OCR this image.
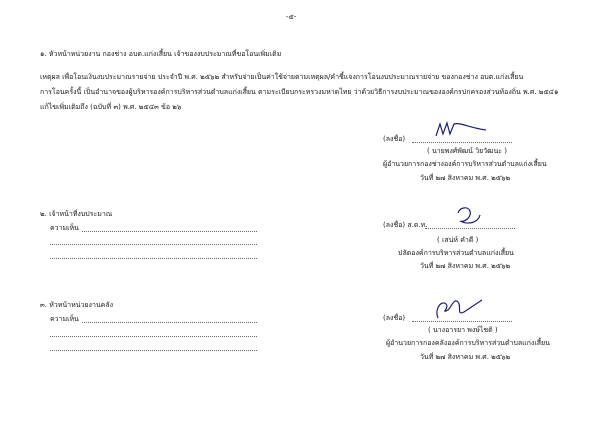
-๕-
๑. หัวหน้าหน่วยงาน กองช่าง อบต.แก่งเสี้ยน เจ้าของงบประมาณที่ขอโอนเพิ่มเติม
เหตุผล เพื่อโอนเงินงบประมาณรายจ่าย ประจำปี พ.ศ. ๒๕๖๒ สำหรับจ่ายเป็นค่าใช้จ่ายตามเหตุผล/คำชี้แจงการโอนงบประมาณรายจ่าย ของกองช่าง อบต.แก่งเสี้ยน
การโอนครั้งนี้ เป็นอำนาจของผู้บริหารองค์การบริหารส่วนตำบลแก่งเสี้ยน ตามระเบียบกระทรวงมหาดไทย ว่าด้วยวิธีการงบประมาณขององค์กรปกครองส่วนท้องถิ่น พ.ศ. ๒๕๔๑
แก้ไขเพิ่มเติมถึง (ฉบับที่ ๓) พ.ศ. ๒๕๔๓ ข้อ ๒๖
(ลงชื่อ)
( นายพงศ์พัฒน์ วิยวัฒนะ )
ผู้อำนวยการกองช่างองค์การบริหารส่วนตำบลแก่งเสี้ยน
วันที่ ๒๗ สิงหาคม พ.ศ. ๒๕๖๒
๒. เจ้าหน้าที่งบประมาณ
ความเห็น	(ลงชื่อ) ส.ต.ท.
( เสน่ห์ คำดี )
ปลัดองค์การบริหารส่วนตำบลแก่งเสี้ยน
วันที่ ๒๗ สิงหาคม พ.ศ. ๒๕๖๒
๓. หัวหน้าหน่วยงานคลัง
ความเห็น	(ลงชื่อ)
( นางอารยา พงษ์ไชติ )
ผู้อำนวยการกองคลังองค์การบริหารส่วนตำบลแก่งเสี้ยน
วันที่ ๒๗ สิงหาคม พ.ศ. ๒๕๖๒
